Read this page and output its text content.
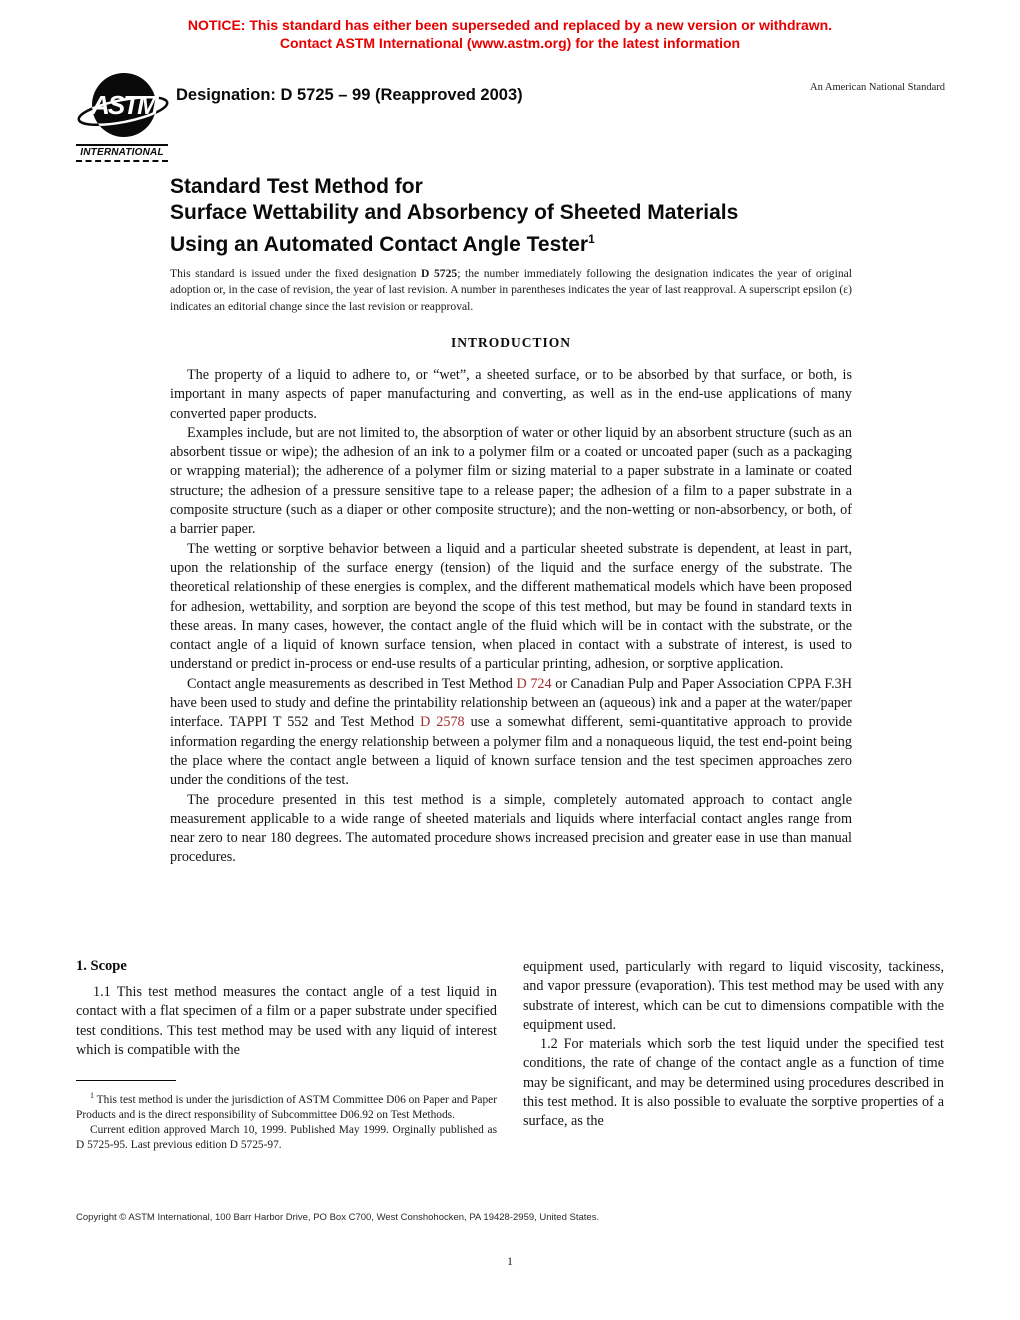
NOTICE: This standard has either been superseded and replaced by a new version or withdrawn.
Contact ASTM International (www.astm.org) for the latest information
ASTM
INTERNATIONAL
Designation: D 5725 – 99 (Reapproved 2003)	An American National Standard
Standard Test Method for
Surface Wettability and Absorbency of Sheeted Materials
Using an Automated Contact Angle Tester$^1$
This standard is issued under the fixed designation D 5725; the number immediately following the designation indicates the year of original adoption or, in the case of revision, the year of last revision. A number in parentheses indicates the year of last reapproval. A superscript epsilon (ε) indicates an editorial change since the last revision or reapproval.
INTRODUCTION

The property of a liquid to adhere to, or “wet”, a sheeted surface, or to be absorbed by that surface, or both, is important in many aspects of paper manufacturing and converting, as well as in the end-use applications of many converted paper products.

Examples include, but are not limited to, the absorption of water or other liquid by an absorbent structure (such as an absorbent tissue or wipe); the adhesion of an ink to a polymer film or a coated or uncoated paper (such as a packaging or wrapping material); the adherence of a polymer film or sizing material to a paper substrate in a laminate or coated structure; the adhesion of a pressure sensitive tape to a release paper; the adhesion of a film to a paper substrate in a composite structure (such as a diaper or other composite structure); and the non-wetting or non-absorbency, or both, of a barrier paper.

The wetting or sorptive behavior between a liquid and a particular sheeted substrate is dependent, at least in part, upon the relationship of the surface energy (tension) of the liquid and the surface energy of the substrate. The theoretical relationship of these energies is complex, and the different mathematical models which have been proposed for adhesion, wettability, and sorption are beyond the scope of this test method, but may be found in standard texts in these areas. In many cases, however, the contact angle of the fluid which will be in contact with the substrate, or the contact angle of a liquid of known surface tension, when placed in contact with a substrate of interest, is used to understand or predict in-process or end-use results of a particular printing, adhesion, or sorptive application.

Contact angle measurements as described in Test Method D 724 or Canadian Pulp and Paper Association CPPA F.3H have been used to study and define the printability relationship between an (aqueous) ink and a paper at the water/paper interface. TAPPI T 552 and Test Method D 2578 use a somewhat different, semi-quantitative approach to provide information regarding the energy relationship between a polymer film and a nonaqueous liquid, the test end-point being the place where the contact angle between a liquid of known surface tension and the test specimen approaches zero under the conditions of the test.

The procedure presented in this test method is a simple, completely automated approach to contact angle measurement applicable to a wide range of sheeted materials and liquids where interfacial contact angles range from near zero to near 180 degrees. The automated procedure shows increased precision and greater ease in use than manual procedures.

1. Scope

1.1 This test method measures the contact angle of a test liquid in contact with a flat specimen of a film or a paper substrate under specified test conditions. This test method may be used with any liquid of interest which is compatible with the

equipment used, particularly with regard to liquid viscosity, tackiness, and vapor pressure (evaporation). This test method may be used with any substrate of interest, which can be cut to dimensions compatible with the equipment used.

1.2 For materials which sorb the test liquid under the specified test conditions, the rate of change of the contact angle as a function of time may be significant, and may be determined using procedures described in this test method. It is also possible to evaluate the sorptive properties of a surface, as the

$^1$ This test method is under the jurisdiction of ASTM Committee D06 on Paper and Paper Products and is the direct responsibility of Subcommittee D06.92 on Test Methods.

Current edition approved March 10, 1999. Published May 1999. Orginally published as D 5725-95. Last previous edition D 5725-97.

Copyright © ASTM International, 100 Barr Harbor Drive, PO Box C700, West Conshohocken, PA 19428-2959, United States.
1
